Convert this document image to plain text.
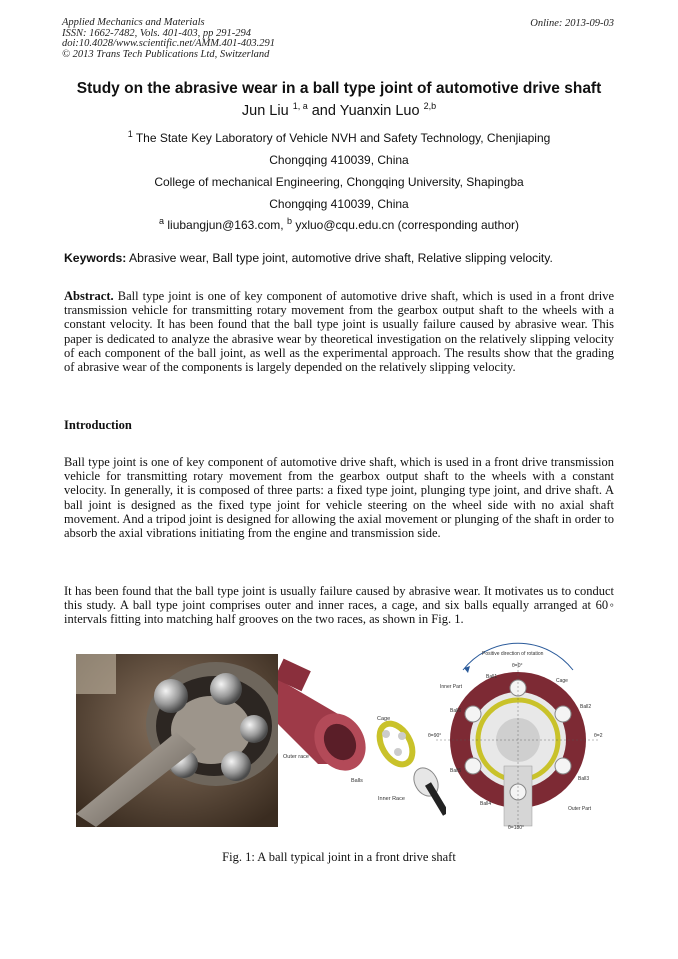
Applied Mechanics and Materials
ISSN: 1662-7482, Vols. 401-403, pp 291-294
doi:10.4028/www.scientific.net/AMM.401-403.291
© 2013 Trans Tech Publications Ltd, Switzerland
Online: 2013-09-03
Study on the abrasive wear in a ball type joint of automotive drive shaft
Jun Liu $^{1, a}$ and Yuanxin Luo $^{2,b}$
$^1$ The State Key Laboratory of Vehicle NVH and Safety Technology, Chenjiaping
Chongqing 410039, China
College of mechanical Engineering, Chongqing University, Shapingba
Chongqing 410039, China
$^a$ liubangjun@163.com, $^b$ yxluo@cqu.edu.cn (corresponding author)
Keywords: Abrasive wear, Ball type joint, automotive drive shaft, Relative slipping velocity.
Abstract. Ball type joint is one of key component of automotive drive shaft, which is used in a front drive transmission vehicle for transmitting rotary movement from the gearbox output shaft to the wheels with a constant velocity. It has been found that the ball type joint is usually failure caused by abrasive wear. This paper is dedicated to analyze the abrasive wear by theoretical investigation on the relatively slipping velocity of each component of the ball joint, as well as the experimental approach. The results show that the grading of abrasive wear of the components is largely depended on the relatively slipping velocity.
Introduction
Ball type joint is one of key component of automotive drive shaft, which is used in a front drive transmission vehicle for transmitting rotary movement from the gearbox output shaft to the wheels with a constant velocity. In generally, it is composed of three parts: a fixed type joint, plunging type joint, and drive shaft. A ball joint is designed as the fixed type joint for vehicle steering on the wheel side with no axial shaft movement. And a tripod joint is designed for allowing the axial movement or plunging of the shaft in order to absorb the axial vibrations initiating from the engine and transmission side.
It has been found that the ball type joint is usually failure caused by abrasive wear. It motivates us to conduct this study. A ball type joint comprises outer and inner races, a cage, and six balls equally arranged at 60◦ intervals fitting into matching half grooves on the two races, as shown in Fig. 1.
Outer race
Cage
Balls
Inner Race
Positive direction of rotation
θ=0°
Inner Part
Ball1
Cage
Ball2
Ball6
θ=90°	θ=2
Ball5
Ball3
Ball4
Outer Part
θ=180°
Fig. 1: A ball typical joint in a front drive shaft
